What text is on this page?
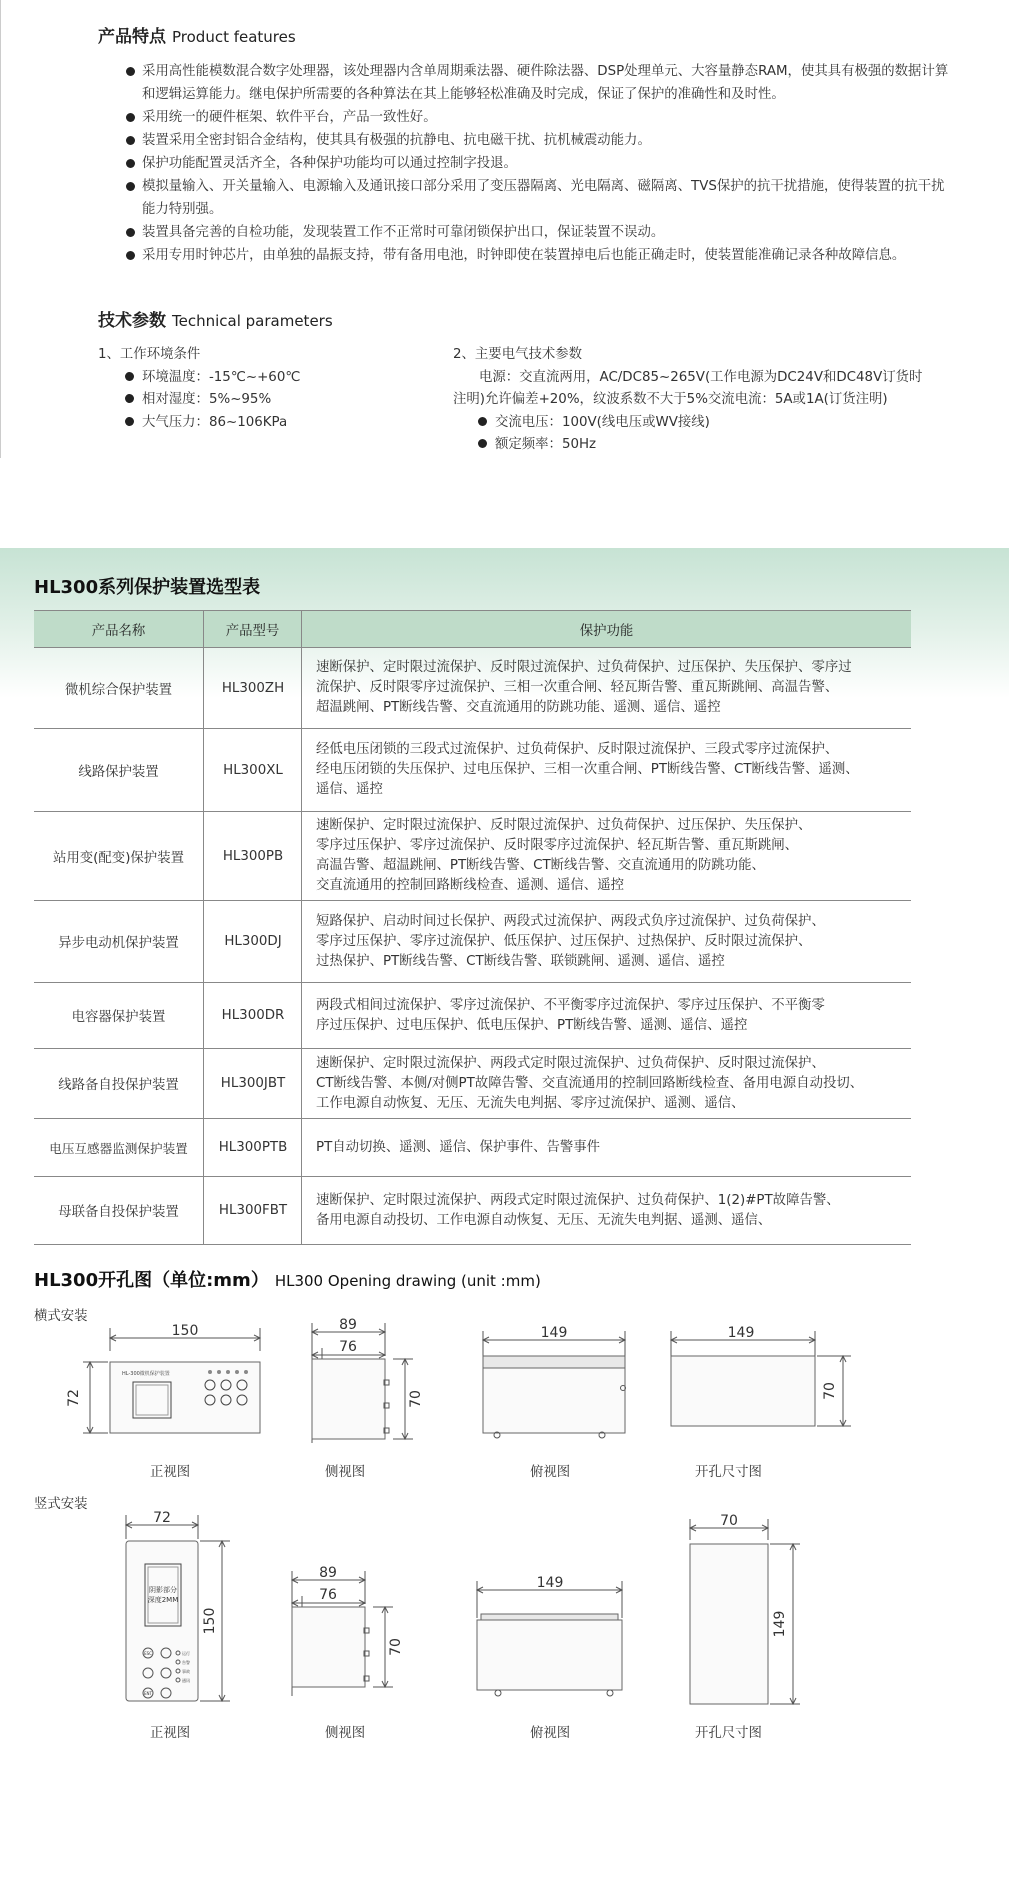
产品特点 Product features
采用高性能模数混合数字处理器，该处理器内含单周期乘法器、硬件除法器、DSP处理单元、大容量静态RAM，使其具有极强的数据计算和逻辑运算能力。继电保护所需要的各种算法在其上能够轻松准确及时完成，保证了保护的准确性和及时性。
采用统一的硬件框架、软件平台，产品一致性好。
装置采用全密封铝合金结构，使其具有极强的抗静电、抗电磁干扰、抗机械震动能力。
保护功能配置灵活齐全，各种保护功能均可以通过控制字投退。
模拟量输入、开关量输入、电源输入及通讯接口部分采用了变压器隔离、光电隔离、磁隔离、TVS保护的抗干扰措施，使得装置的抗干扰能力特别强。
装置具备完善的自检功能，发现装置工作不正常时可靠闭锁保护出口，保证装置不误动。
采用专用时钟芯片，由单独的晶振支持，带有备用电池，时钟即使在装置掉电后也能正确走时，使装置能准确记录各种故障信息。
技术参数 Technical parameters
1、工作环境条件
环境温度：-15℃~+60℃
相对湿度：5%~95%
大气压力：86~106KPa
2、主要电气技术参数
电源：交直流两用，AC/DC85~265V(工作电源为DC24V和DC48V订货时
注明)允许偏差+20%，纹波系数不大于5%交流电流：5A或1A(订货注明)
交流电压：100V(线电压或WV接线)
额定频率：50Hz
HL300系列保护装置选型表
产品名称	产品型号	保护功能
微机综合保护装置	HL300ZH	速断保护、定时限过流保护、反时限过流保护、过负荷保护、过压保护、失压保护、零序过
流保护、反时限零序过流保护、三相一次重合闸、轻瓦斯告警、重瓦斯跳闸、高温告警、
超温跳闸、PT断线告警、交直流通用的防跳功能、遥测、遥信、遥控

线路保护装置	HL300XL	经低电压闭锁的三段式过流保护、过负荷保护、反时限过流保护、三段式零序过流保护、
经电压闭锁的失压保护、过电压保护、三相一次重合闸、PT断线告警、CT断线告警、遥测、
遥信、遥控

站用变(配变)保护装置	HL300PB	速断保护、定时限过流保护、反时限过流保护、过负荷保护、过压保护、失压保护、
零序过压保护、零序过流保护、反时限零序过流保护、轻瓦斯告警、重瓦斯跳闸、
高温告警、超温跳闸、PT断线告警、CT断线告警、交直流通用的防跳功能、
交直流通用的控制回路断线检查、遥测、遥信、遥控

异步电动机保护装置	HL300DJ	短路保护、启动时间过长保护、两段式过流保护、两段式负序过流保护、过负荷保护、
零序过压保护、零序过流保护、低压保护、过压保护、过热保护、反时限过流保护、
过热保护、PT断线告警、CT断线告警、联锁跳闸、遥测、遥信、遥控

电容器保护装置	HL300DR	两段式相间过流保护、零序过流保护、不平衡零序过流保护、零序过压保护、不平衡零
序过压保护、过电压保护、低电压保护、PT断线告警、遥测、遥信、遥控

线路备自投保护装置	HL300JBT	速断保护、定时限过流保护、两段式定时限过流保护、过负荷保护、反时限过流保护、
CT断线告警、本侧/对侧PT故障告警、交直流通用的控制回路断线检查、备用电源自动投切、
工作电源自动恢复、无压、无流失电判据、零序过流保护、遥测、遥信、

电压互感器监测保护装置	HL300PTB	PT自动切换、遥测、遥信、保护事件、告警事件

母联备自投保护装置	HL300FBT	速断保护、定时限过流保护、两段式定时限过流保护、过负荷保护、1(2)#PT故障告警、
备用电源自动投切、工作电源自动恢复、无压、无流失电判据、遥测、遥信、
HL300开孔图（单位:mm） HL300 Opening drawing (unit :mm)
横式安装
竖式安装
HL-300微机保护装置
150
72
正视图
89
76
70
侧视图
149
俯视图
149
70
开孔尺寸图
阴影部分
深度2MM
ESC
ENT
运行
告警
事故
通讯
72
150
正视图
89
76
70
侧视图
149
俯视图
70
149
开孔尺寸图
